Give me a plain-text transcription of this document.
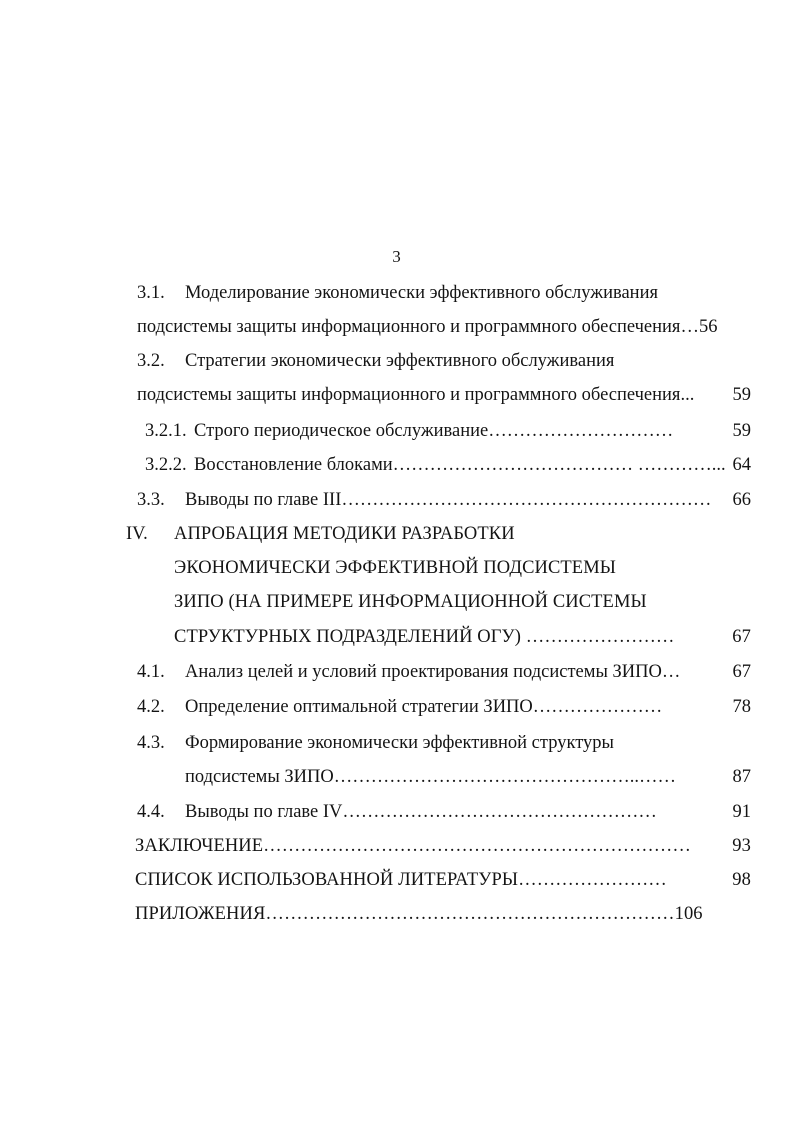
3
3.1. Моделирование экономически эффективного обслуживания
подсистемы защиты информационного и программного обеспечения…56
3.2. Стратегии экономически эффективного обслуживания
подсистемы защиты информационного и программного обеспечения... 59
3.2.1. Строго периодическое обслуживание…………………………	59
3.2.2. Восстановление блоками………………………………… …………... 64
3.3. Выводы по главе III…………………………………………………… 66
IV. АПРОБАЦИЯ МЕТОДИКИ РАЗРАБОТКИ
ЭКОНОМИЧЕСКИ ЭФФЕКТИВНОЙ ПОДСИСТЕМЫ
ЗИПО (НА ПРИМЕРЕ ИНФОРМАЦИОННОЙ СИСТЕМЫ
СТРУКТУРНЫХ ПОДРАЗДЕЛЕНИЙ ОГУ) ……………………	67
4.1. Анализ целей и условий проектирования подсистемы ЗИПО…	67
4.2. Определение оптимальной стратегии ЗИПО…………………	78
4.3. Формирование экономически эффективной структуры
подсистемы ЗИПО…………………………………………..……	87
4.4. Выводы по главе IV……………………………………………	91
ЗАКЛЮЧЕНИЕ…………………………………………………………… 93
СПИСОК ИСПОЛЬЗОВАННОЙ ЛИТЕРАТУРЫ……………………	98
ПРИЛОЖЕНИЯ…………………………………………………………106
